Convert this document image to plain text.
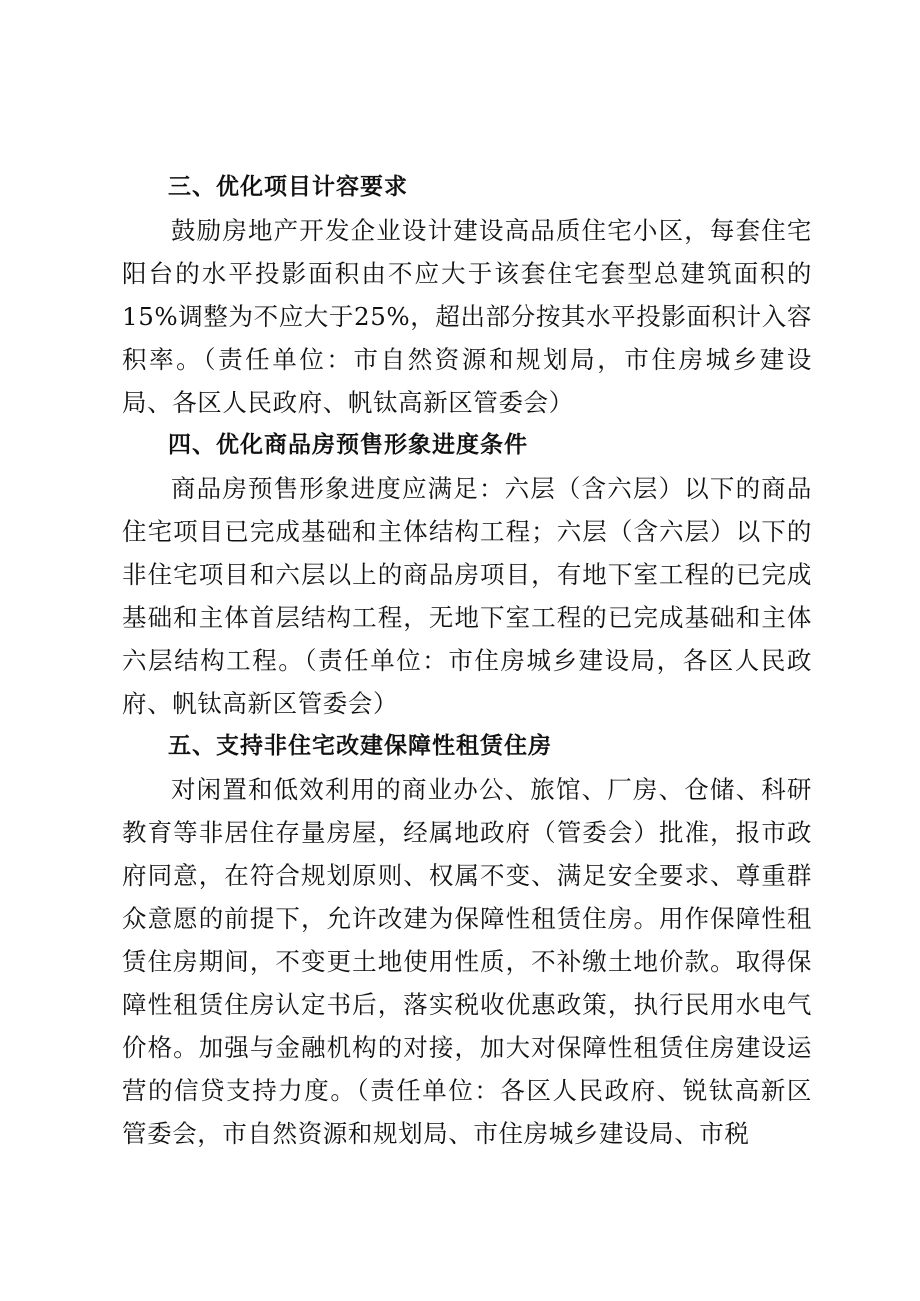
三、优化项目计容要求

鼓励房地产开发企业设计建设高品质住宅小区，每套住宅阳台的水平投影面积由不应大于该套住宅套型总建筑面积的15%调整为不应大于25%，超出部分按其水平投影面积计入容积率。（责任单位：市自然资源和规划局，市住房城乡建设局、各区人民政府、帆钛高新区管委会）

四、优化商品房预售形象进度条件

商品房预售形象进度应满足：六层（含六层）以下的商品住宅项目已完成基础和主体结构工程；六层（含六层）以下的非住宅项目和六层以上的商品房项目，有地下室工程的已完成基础和主体首层结构工程，无地下室工程的已完成基础和主体六层结构工程。（责任单位：市住房城乡建设局，各区人民政府、帆钛高新区管委会）

五、支持非住宅改建保障性租赁住房

对闲置和低效利用的商业办公、旅馆、厂房、仓储、科研教育等非居住存量房屋，经属地政府（管委会）批准，报市政府同意，在符合规划原则、权属不变、满足安全要求、尊重群众意愿的前提下，允许改建为保障性租赁住房。用作保障性租赁住房期间，不变更土地使用性质，不补缴土地价款。取得保障性租赁住房认定书后，落实税收优惠政策，执行民用水电气价格。加强与金融机构的对接，加大对保障性租赁住房建设运营的信贷支持力度。（责任单位：各区人民政府、锐钛高新区管委会，市自然资源和规划局、市住房城乡建设局、市税
